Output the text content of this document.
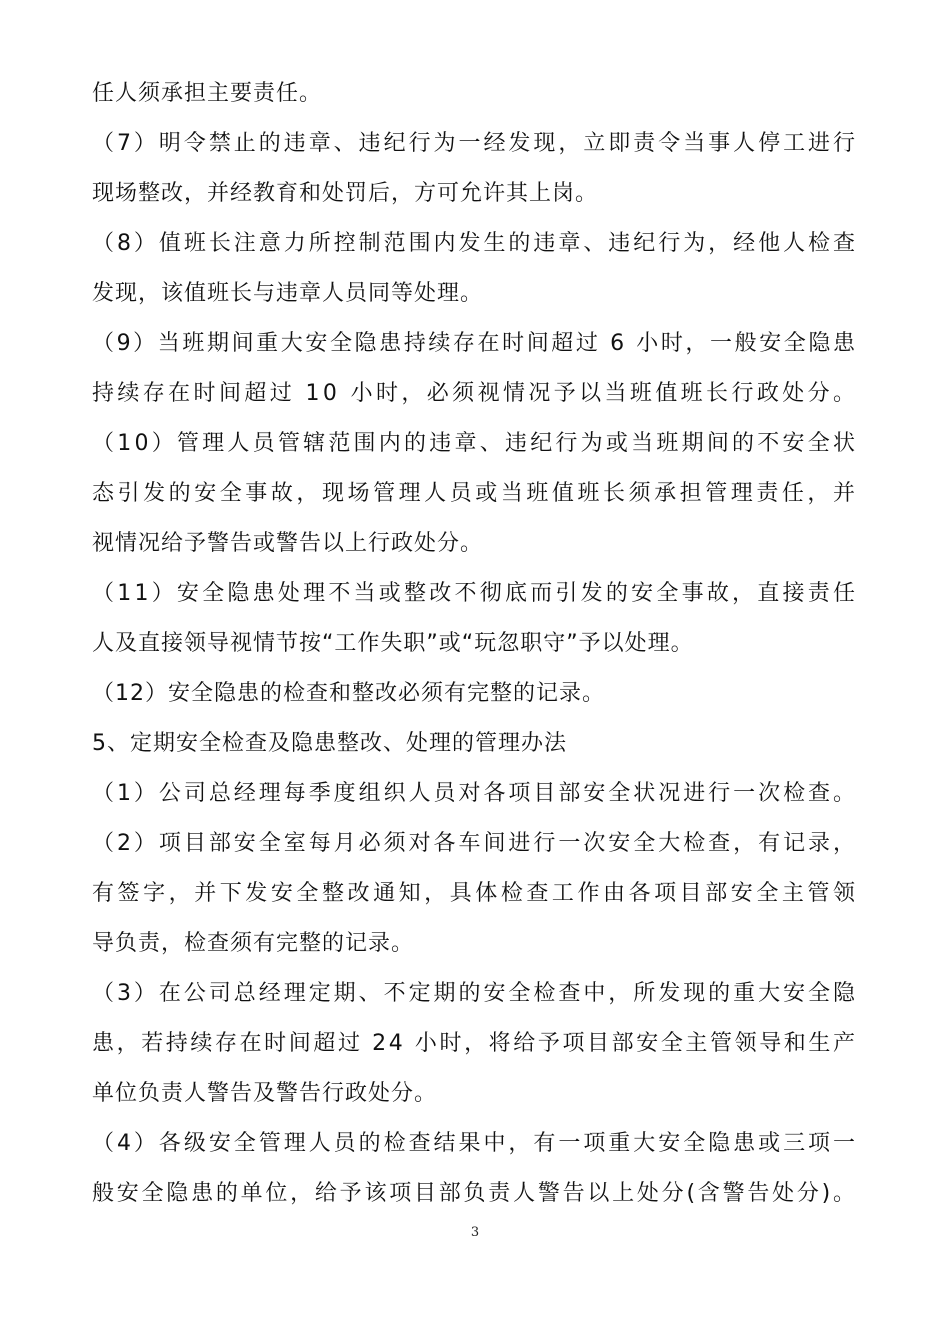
任人须承担主要责任。

（7）明令禁止的违章、违纪行为一经发现，立即责令当事人停工进行

现场整改，并经教育和处罚后，方可允许其上岗。

（8）值班长注意力所控制范围内发生的违章、违纪行为，经他人检查

发现，该值班长与违章人员同等处理。

（9）当班期间重大安全隐患持续存在时间超过 6 小时，一般安全隐患

持续存在时间超过 10 小时，必须视情况予以当班值班长行政处分。

（10）管理人员管辖范围内的违章、违纪行为或当班期间的不安全状

态引发的安全事故，现场管理人员或当班值班长须承担管理责任，并

视情况给予警告或警告以上行政处分。

（11）安全隐患处理不当或整改不彻底而引发的安全事故，直接责任

人及直接领导视情节按“工作失职”或“玩忽职守”予以处理。

（12）安全隐患的检查和整改必须有完整的记录。

5、定期安全检查及隐患整改、处理的管理办法

（1）公司总经理每季度组织人员对各项目部安全状况进行一次检查。

（2）项目部安全室每月必须对各车间进行一次安全大检查，有记录，

有签字，并下发安全整改通知，具体检查工作由各项目部安全主管领

导负责，检查须有完整的记录。

（3）在公司总经理定期、不定期的安全检查中，所发现的重大安全隐

患，若持续存在时间超过 24 小时，将给予项目部安全主管领导和生产

单位负责人警告及警告行政处分。

（4）各级安全管理人员的检查结果中，有一项重大安全隐患或三项一

般安全隐患的单位，给予该项目部负责人警告以上处分(含警告处分)。

3
